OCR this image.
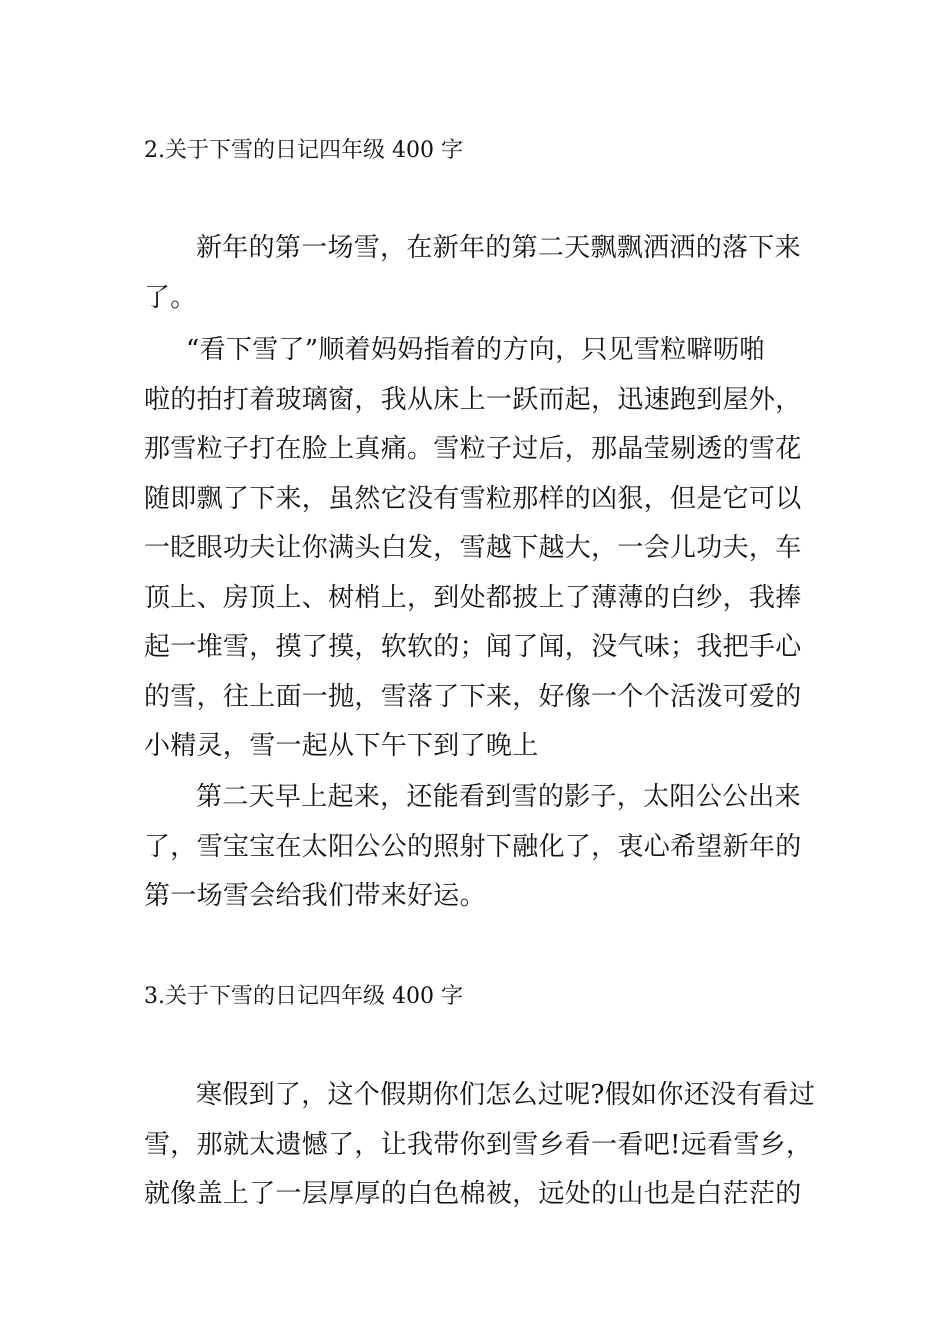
2.关于下雪的日记四年级 400 字

新年的第一场雪，在新年的第二天飘飘洒洒的落下来
了。

“看下雪了”顺着妈妈指着的方向，只见雪粒噼呖啪
啦的拍打着玻璃窗，我从床上一跃而起，迅速跑到屋外，
那雪粒子打在脸上真痛。雪粒子过后，那晶莹剔透的雪花
随即飘了下来，虽然它没有雪粒那样的凶狠，但是它可以
一眨眼功夫让你满头白发，雪越下越大，一会儿功夫，车
顶上、房顶上、树梢上，到处都披上了薄薄的白纱，我捧
起一堆雪，摸了摸，软软的；闻了闻，没气味；我把手心
的雪，往上面一抛，雪落了下来，好像一个个活泼可爱的
小精灵，雪一起从下午下到了晚上

第二天早上起来，还能看到雪的影子，太阳公公出来
了，雪宝宝在太阳公公的照射下融化了，衷心希望新年的
第一场雪会给我们带来好运。

3.关于下雪的日记四年级 400 字

寒假到了，这个假期你们怎么过呢?假如你还没有看过
雪，那就太遗憾了，让我带你到雪乡看一看吧!远看雪乡，
就像盖上了一层厚厚的白色棉被，远处的山也是白茫茫的
